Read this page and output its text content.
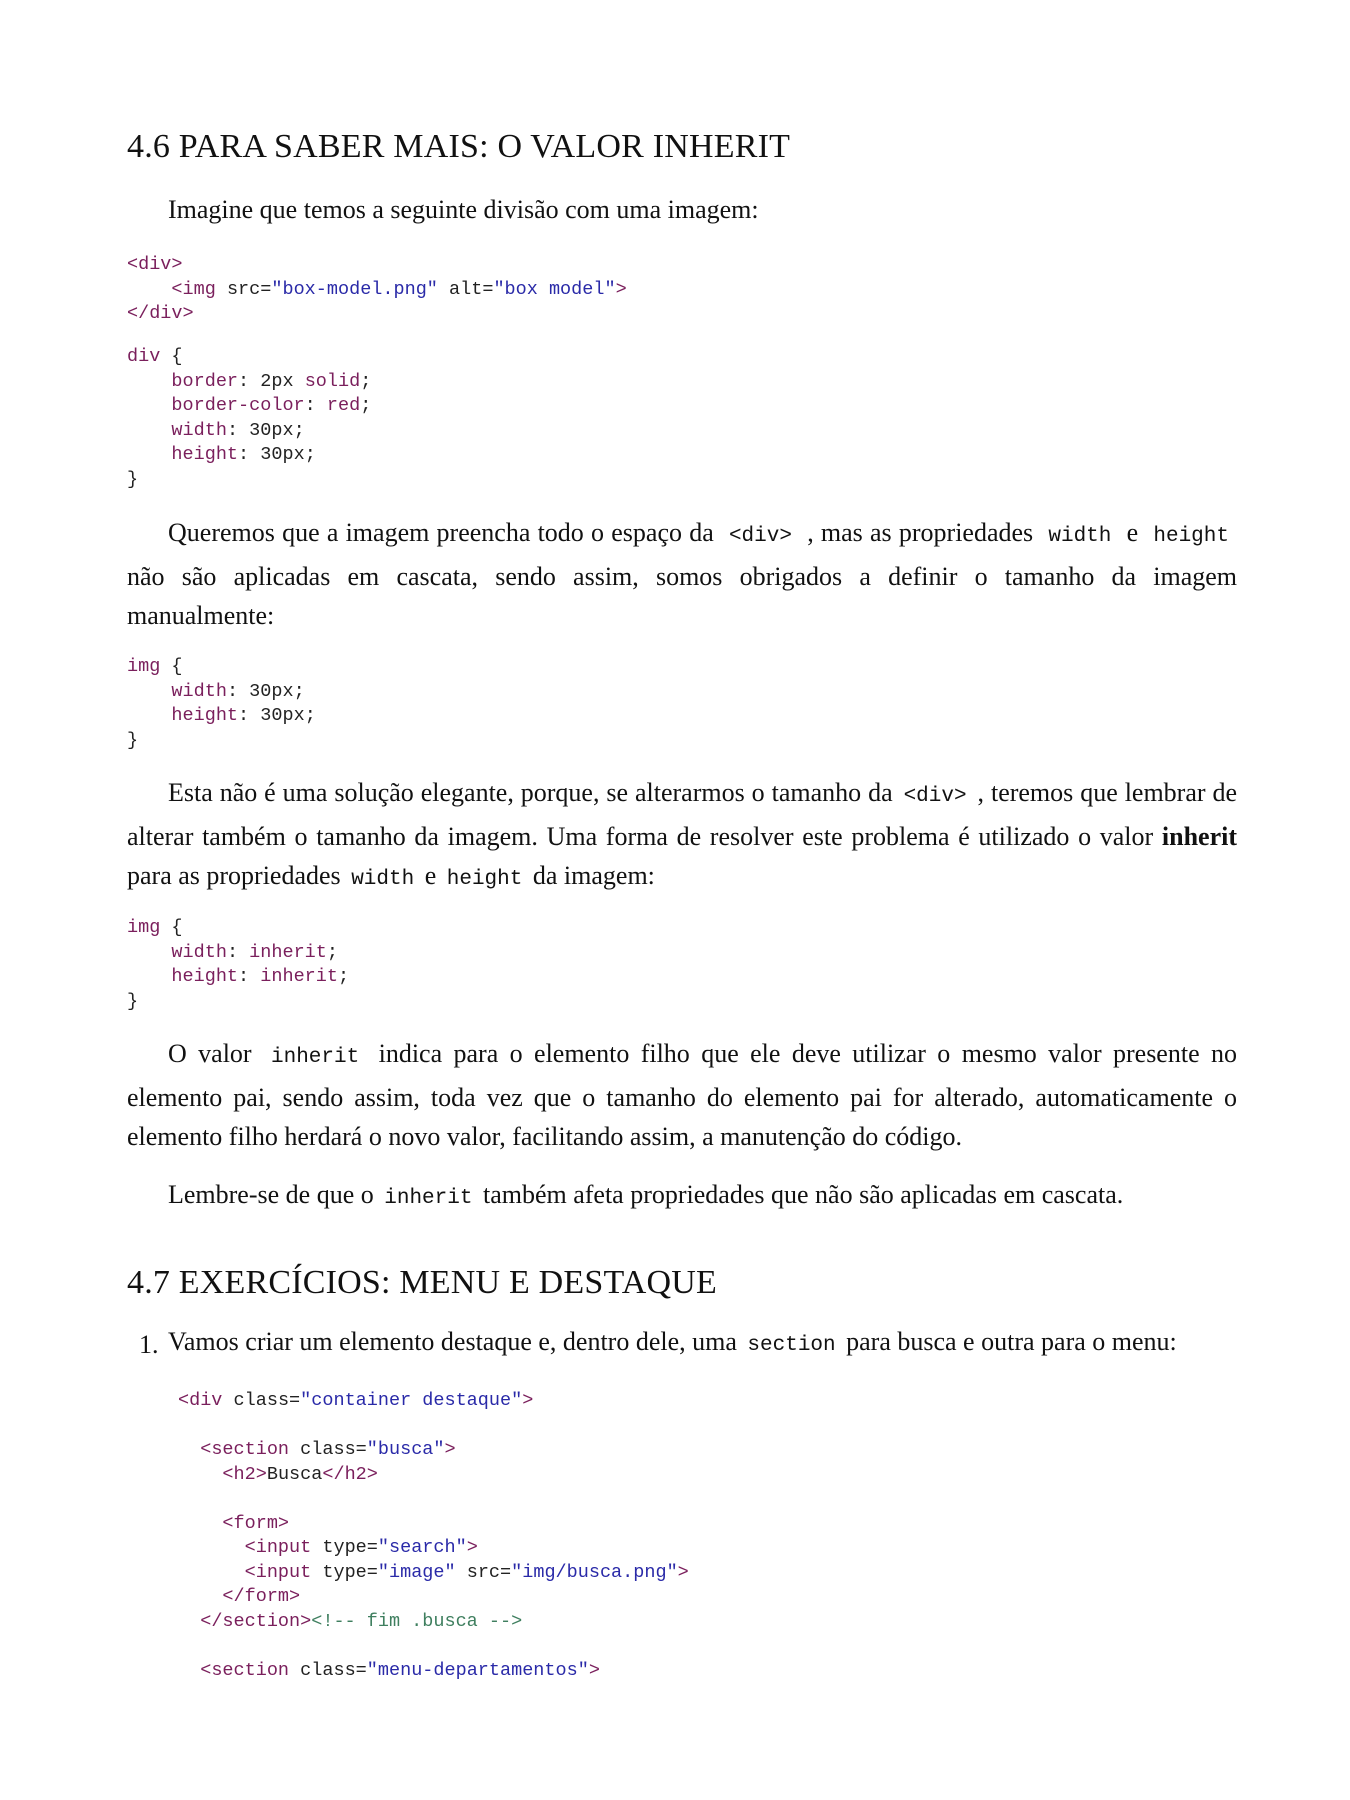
4.6 PARA SABER MAIS: O VALOR INHERIT

Imagine que temos a seguinte divisão com uma imagem:

<div>
<img src="box-model.png" alt="box model">
</div>
div {
border: 2px solid;
border-color: red;
width: 30px;
height: 30px;
}

Queremos que a imagem preencha todo o espaço da <div> , mas as propriedades width e height não são aplicadas em cascata, sendo assim, somos obrigados a definir o tamanho da imagem manualmente:

img {
width: 30px;
height: 30px;
}

Esta não é uma solução elegante, porque, se alterarmos o tamanho da <div> , teremos que lembrar de alterar também o tamanho da imagem. Uma forma de resolver este problema é utilizado o valor inherit para as propriedades width e height da imagem:

img {
width: inherit;
height: inherit;
}

O valor inherit indica para o elemento filho que ele deve utilizar o mesmo valor presente no elemento pai, sendo assim, toda vez que o tamanho do elemento pai for alterado, automaticamente o elemento filho herdará o novo valor, facilitando assim, a manutenção do código.

Lembre-se de que o inherit também afeta propriedades que não são aplicadas em cascata.

4.7 EXERCÍCIOS: MENU E DESTAQUE
1. Vamos criar um elemento destaque e, dentro dele, uma section para busca e outra para o menu:

<div class="container destaque">

<section class="busca">
<h2>Busca</h2>

<form>
<input type="search">
<input type="image" src="img/busca.png">
</form>
</section><!-- fim .busca -->

<section class="menu-departamentos">
